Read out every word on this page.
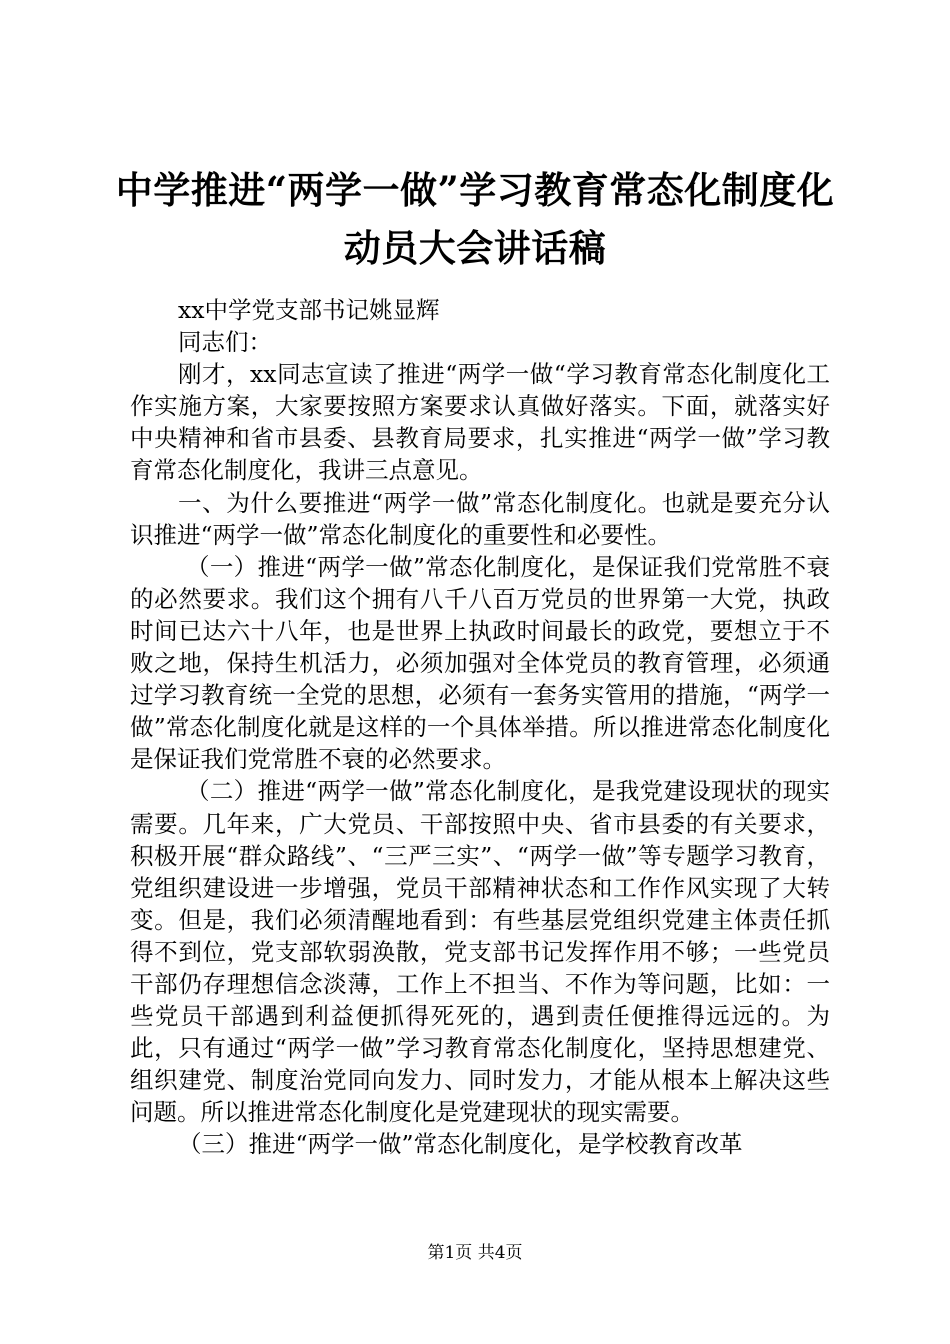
中学推进“两学一做”学习教育常态化制度化
动员大会讲话稿

xx中学党支部书记姚显辉

同志们：

刚才，xx同志宣读了推进“两学一做“学习教育常态化制度化工作实施方案，大家要按照方案要求认真做好落实。下面，就落实好中央精神和省市县委、县教育局要求，扎实推进“两学一做”学习教育常态化制度化，我讲三点意见。

一、为什么要推进“两学一做”常态化制度化。也就是要充分认识推进“两学一做”常态化制度化的重要性和必要性。

（一）推进“两学一做”常态化制度化，是保证我们党常胜不衰的必然要求。我们这个拥有八千八百万党员的世界第一大党，执政时间已达六十八年，也是世界上执政时间最长的政党，要想立于不败之地，保持生机活力，必须加强对全体党员的教育管理，必须通过学习教育统一全党的思想，必须有一套务实管用的措施，“两学一做”常态化制度化就是这样的一个具体举措。所以推进常态化制度化是保证我们党常胜不衰的必然要求。

（二）推进“两学一做”常态化制度化，是我党建设现状的现实需要。几年来，广大党员、干部按照中央、省市县委的有关要求，积极开展“群众路线”、“三严三实”、“两学一做”等专题学习教育，党组织建设进一步增强，党员干部精神状态和工作作风实现了大转变。但是，我们必须清醒地看到：有些基层党组织党建主体责任抓得不到位，党支部软弱涣散，党支部书记发挥作用不够；一些党员干部仍存理想信念淡薄，工作上不担当、不作为等问题，比如：一些党员干部遇到利益便抓得死死的，遇到责任便推得远远的。为此，只有通过“两学一做”学习教育常态化制度化，坚持思想建党、组织建党、制度治党同向发力、同时发力，才能从根本上解决这些问题。所以推进常态化制度化是党建现状的现实需要。

（三）推进“两学一做”常态化制度化，是学校教育改革

第1页 共4页
